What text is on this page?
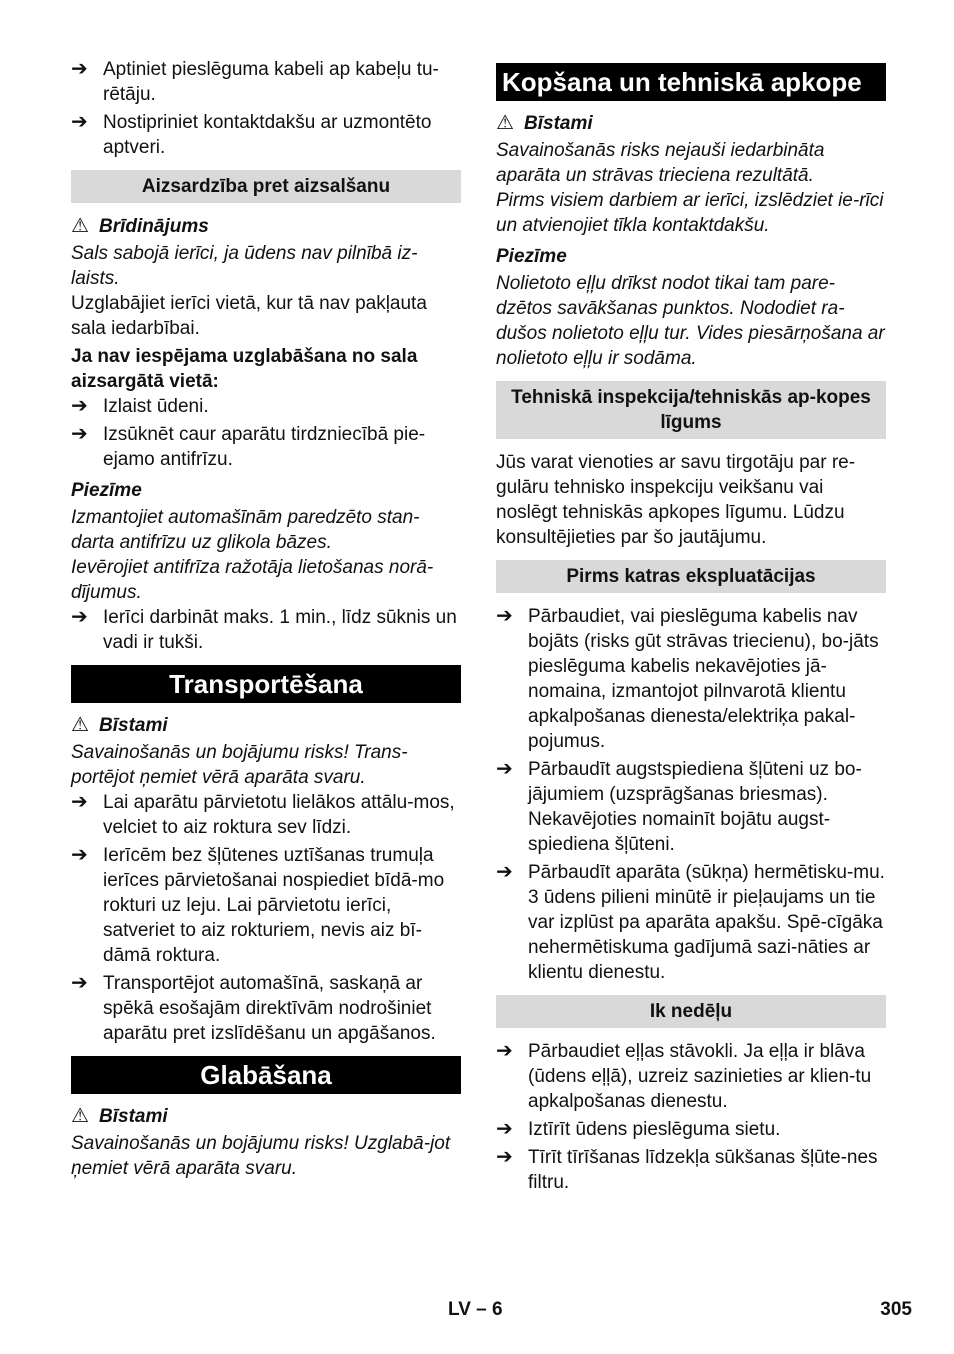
➔ Aptiniet pieslēguma kabeli ap kabeļu tu-rētāju.

➔ Nostipriniet kontaktdakšu ar uzmontēto aptveri.

Aizsardzība pret aizsalšanu
⚠ Brīdinājums

Sals sabojā ierīci, ja ūdens nav pilnībā iz-laists.

Uzglabājiet ierīci vietā, kur tā nav pakļauta sala iedarbībai.

Ja nav iespējama uzglabāšana no sala aizsargātā vietā:

➔ Izlaist ūdeni.

➔ Izsūknēt caur aparātu tirdzniecībā pie-ejamo antifrīzu.

Piezīme

Izmantojiet automašīnām paredzēto stan-darta antifrīzu uz glikola bāzes.

Ievērojiet antifrīza ražotāja lietošanas norā-dījumus.

➔ Ierīci darbināt maks. 1 min., līdz sūknis un vadi ir tukši.

Transportēšana
⚠ Bīstami

Savainošanās un bojājumu risks! Trans-portējot ņemiet vērā aparāta svaru.

➔ Lai aparātu pārvietotu lielākos attālu-mos, velciet to aiz roktura sev līdzi.

➔ Ierīcēm bez šļūtenes uztīšanas trumuļa ierīces pārvietošanai nospiediet bīdā-mo rokturi uz leju. Lai pārvietotu ierīci, satveriet to aiz rokturiem, nevis aiz bī-dāmā roktura.

➔ Transportējot automašīnā, saskaņā ar spēkā esošajām direktīvām nodrošiniet aparātu pret izslīdēšanu un apgāšanos.

Glabāšana
⚠ Bīstami

Savainošanās un bojājumu risks! Uzglabā-jot ņemiet vērā aparāta svaru.

Kopšana un tehniskā apkope
⚠ Bīstami

Savainošanās risks nejauši iedarbināta aparāta un strāvas trieciena rezultātā.

Pirms visiem darbiem ar ierīci, izslēdziet ie-rīci un atvienojiet tīkla kontaktdakšu.

Piezīme

Nolietoto eļļu drīkst nodot tikai tam pare-dzētos savākšanas punktos. Nododiet ra-dušos nolietoto eļļu tur. Vides piesārņošana ar nolietoto eļļu ir sodāma.

Tehniskā inspekcija/tehniskās ap-kopes līgums

Jūs varat vienoties ar savu tirgotāju par re-gulāru tehnisko inspekciju veikšanu vai noslēgt tehniskās apkopes līgumu. Lūdzu konsultējieties par šo jautājumu.

Pirms katras ekspluatācijas
➔ Pārbaudiet, vai pieslēguma kabelis nav bojāts (risks gūt strāvas triecienu), bo-jāts pieslēguma kabelis nekavējoties jā-nomaina, izmantojot pilnvarotā klientu apkalpošanas dienesta/elektriķa pakal-pojumus.

➔ Pārbaudīt augstspiediena šļūteni uz bo-jājumiem (uzsprāgšanas briesmas).

Nekavējoties nomainīt bojātu augst-spiediena šļūteni.

➔ Pārbaudīt aparāta (sūkņa) hermētisku-mu.

3 ūdens pilieni minūtē ir pieļaujams un tie var izplūst pa aparāta apakšu. Spē-cīgāka nehermētiskuma gadījumā sazi-nāties ar klientu dienestu.

Ik nedēļu
➔ Pārbaudiet eļļas stāvokli. Ja eļļa ir blāva (ūdens eļļā), uzreiz sazinieties ar klien-tu apkalpošanas dienestu.

➔ Iztīrīt ūdens pieslēguma sietu.

➔ Tīrīt tīrīšanas līdzekļa sūkšanas šļūte-nes filtru.

LV – 6	305
